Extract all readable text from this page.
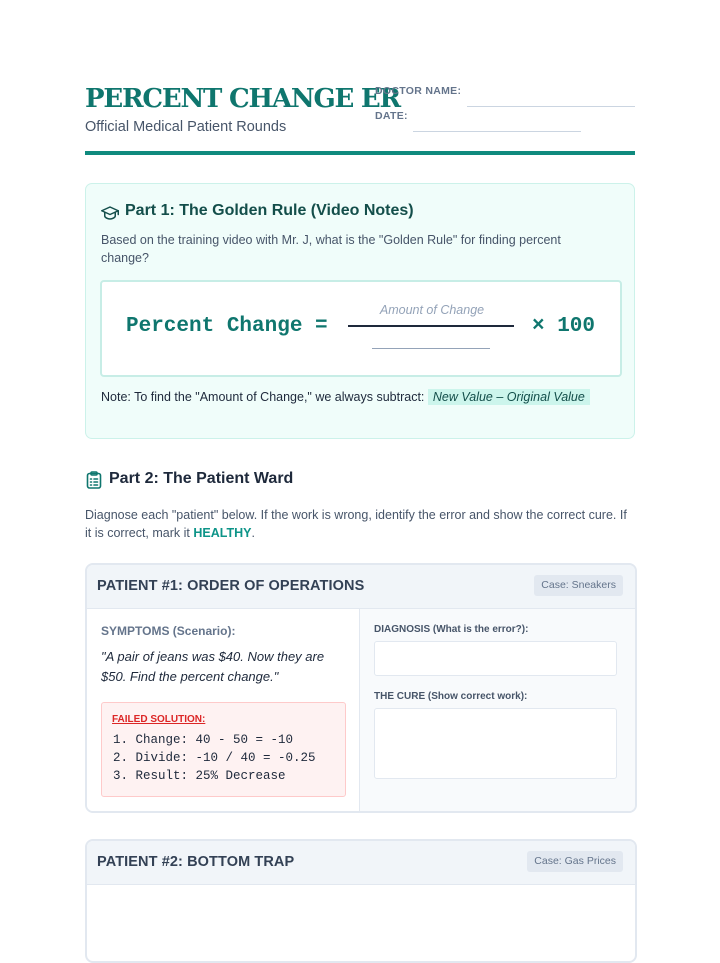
PERCENT CHANGE ER
Official Medical Patient Rounds
DOCTOR NAME:
DATE:
Part 1: The Golden Rule (Video Notes)
Based on the training video with Mr. J, what is the "Golden Rule" for finding percent change?
Percent Change =
Amount of Change
× 100
Note: To find the "Amount of Change," we always subtract: New Value – Original Value
Part 2: The Patient Ward
Diagnose each "patient" below. If the work is wrong, identify the error and show the correct cure. If it is correct, mark it HEALTHY.
PATIENT #1: ORDER OF OPERATIONS	Case: Sneakers
SYMPTOMS (Scenario):
"A pair of jeans was $40. Now they are $50. Find the percent change."
FAILED SOLUTION:
1. Change: 40 - 50 = -10
2. Divide: -10 / 40 = -0.25
3. Result: 25% Decrease
DIAGNOSIS (What is the error?):
THE CURE (Show correct work):
PATIENT #2: BOTTOM TRAP	Case: Gas Prices
